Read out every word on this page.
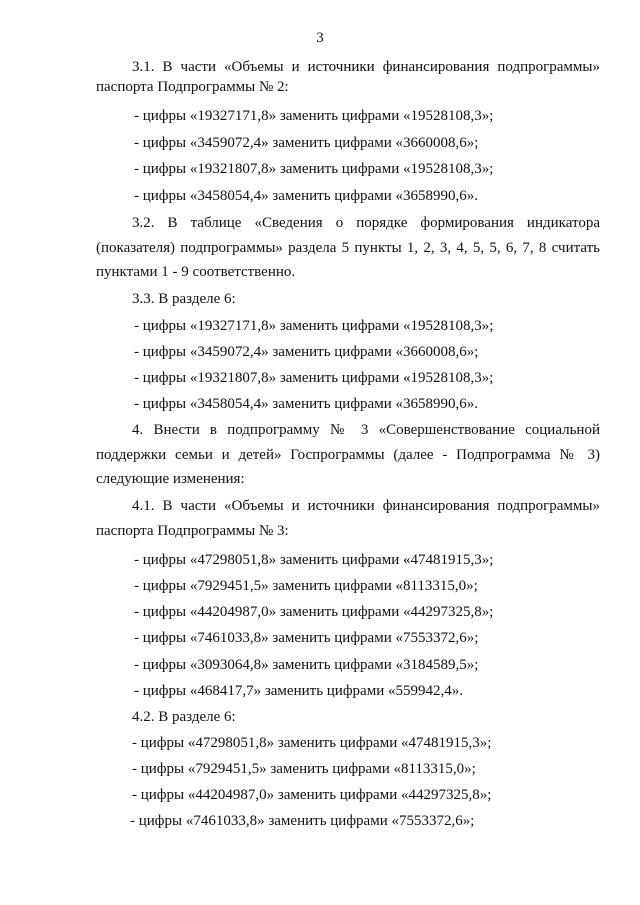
3
3.1. В части «Объемы и источники финансирования подпрограммы»
паспорта Подпрограммы № 2:
- цифры «19327171,8» заменить цифрами «19528108,3»;
- цифры «3459072,4» заменить цифрами «3660008,6»;
- цифры «19321807,8» заменить цифрами «19528108,3»;
- цифры «3458054,4» заменить цифрами «3658990,6».
3.2. В таблице «Сведения о порядке формирования индикатора
(показателя) подпрограммы» раздела 5 пункты 1, 2, 3, 4, 5, 5, 6, 7, 8 считать
пунктами 1 - 9 соответственно.
3.3. В разделе 6:
- цифры «19327171,8» заменить цифрами «19528108,3»;
- цифры «3459072,4» заменить цифрами «3660008,6»;
- цифры «19321807,8» заменить цифрами «19528108,3»;
- цифры «3458054,4» заменить цифрами «3658990,6».
4. Внести в подпрограмму № 3 «Совершенствование социальной
поддержки семьи и детей» Госпрограммы (далее - Подпрограмма № 3)
следующие изменения:
4.1. В части «Объемы и источники финансирования подпрограммы»
паспорта Подпрограммы № 3:
- цифры «47298051,8» заменить цифрами «47481915,3»;
- цифры «7929451,5» заменить цифрами «8113315,0»;
- цифры «44204987,0» заменить цифрами «44297325,8»;
- цифры «7461033,8» заменить цифрами «7553372,6»;
- цифры «3093064,8» заменить цифрами «3184589,5»;
- цифры «468417,7» заменить цифрами «559942,4».
4.2. В разделе 6:
- цифры «47298051,8» заменить цифрами «47481915,3»;
- цифры «7929451,5» заменить цифрами «8113315,0»;
- цифры «44204987,0» заменить цифрами «44297325,8»;
- цифры «7461033,8» заменить цифрами «7553372,6»;
